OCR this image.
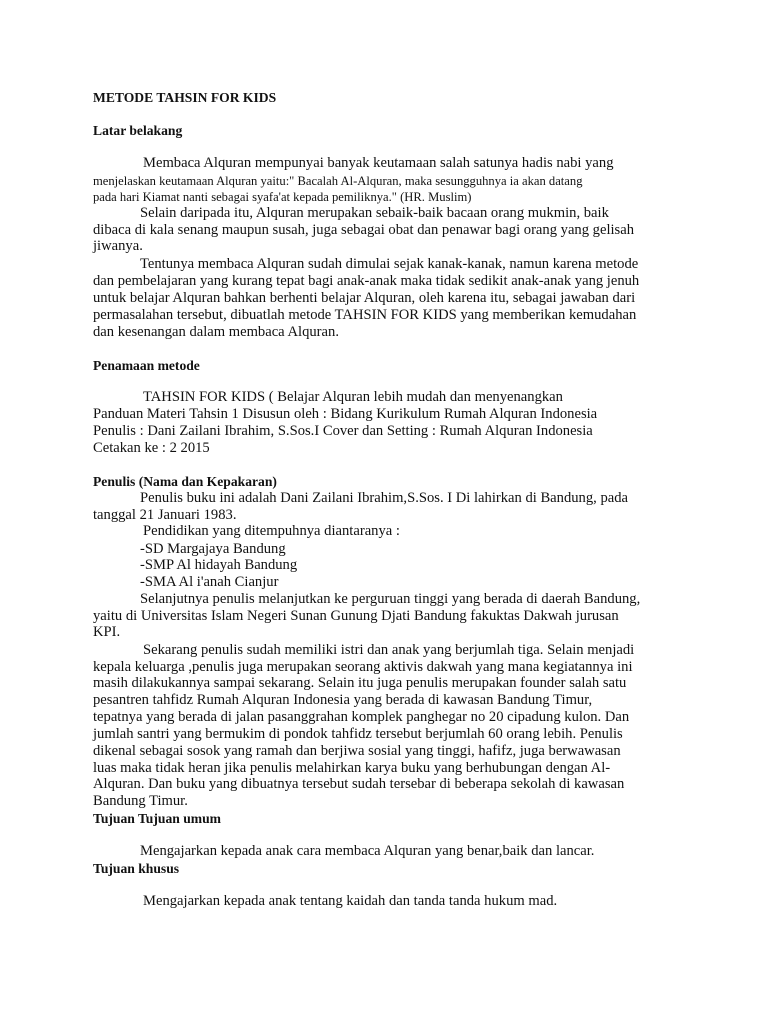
METODE TAHSIN FOR KIDS
Latar belakang
Membaca Alquran mempunyai banyak keutamaan salah satunya hadis nabi yang
menjelaskan keutamaan Alquran yaitu:" Bacalah Al-Alquran, maka sesungguhnya ia akan datang
pada hari Kiamat nanti sebagai syafa'at kepada pemiliknya." (HR. Muslim)
Selain daripada itu, Alquran merupakan sebaik-baik bacaan orang mukmin, baik
dibaca di kala senang maupun susah, juga sebagai obat dan penawar bagi orang yang gelisah
jiwanya.
Tentunya membaca Alquran sudah dimulai sejak kanak-kanak, namun karena metode
dan pembelajaran yang kurang tepat bagi anak-anak maka tidak sedikit anak-anak yang jenuh
untuk belajar Alquran bahkan berhenti belajar Alquran, oleh karena itu, sebagai jawaban dari
permasalahan tersebut, dibuatlah metode TAHSIN FOR KIDS yang memberikan kemudahan
dan kesenangan dalam membaca Alquran.
Penamaan metode
TAHSIN FOR KIDS ( Belajar Alquran lebih mudah dan menyenangkan
Panduan Materi Tahsin 1 Disusun oleh : Bidang Kurikulum Rumah Alquran Indonesia
Penulis : Dani Zailani Ibrahim, S.Sos.I Cover dan Setting : Rumah Alquran Indonesia
Cetakan ke : 2 2015
Penulis (Nama dan Kepakaran)
Penulis buku ini adalah Dani Zailani Ibrahim,S.Sos. I Di lahirkan di Bandung, pada
tanggal 21 Januari 1983.
Pendidikan yang ditempuhnya diantaranya :
-SD Margajaya Bandung
-SMP Al hidayah Bandung
-SMA Al i'anah Cianjur
Selanjutnya penulis melanjutkan ke perguruan tinggi yang berada di daerah Bandung,
yaitu di Universitas Islam Negeri Sunan Gunung Djati Bandung fakuktas Dakwah jurusan
KPI.
Sekarang penulis sudah memiliki istri dan anak yang berjumlah tiga. Selain menjadi
kepala keluarga ,penulis juga merupakan seorang aktivis dakwah yang mana kegiatannya ini
masih dilakukannya sampai sekarang. Selain itu juga penulis merupakan founder salah satu
pesantren tahfidz Rumah Alquran Indonesia yang berada di kawasan Bandung Timur,
tepatnya yang berada di jalan pasanggrahan komplek panghegar no 20 cipadung kulon. Dan
jumlah santri yang bermukim di pondok tahfidz tersebut berjumlah 60 orang lebih. Penulis
dikenal sebagai sosok yang ramah dan berjiwa sosial yang tinggi, hafifz, juga berwawasan
luas maka tidak heran jika penulis melahirkan karya buku yang berhubungan dengan Al-
Alquran. Dan buku yang dibuatnya tersebut sudah tersebar di beberapa sekolah di kawasan
Bandung Timur.
Tujuan Tujuan umum
Mengajarkan kepada anak cara membaca Alquran yang benar,baik dan lancar.
Tujuan khusus
Mengajarkan kepada anak tentang kaidah dan tanda tanda hukum mad.
